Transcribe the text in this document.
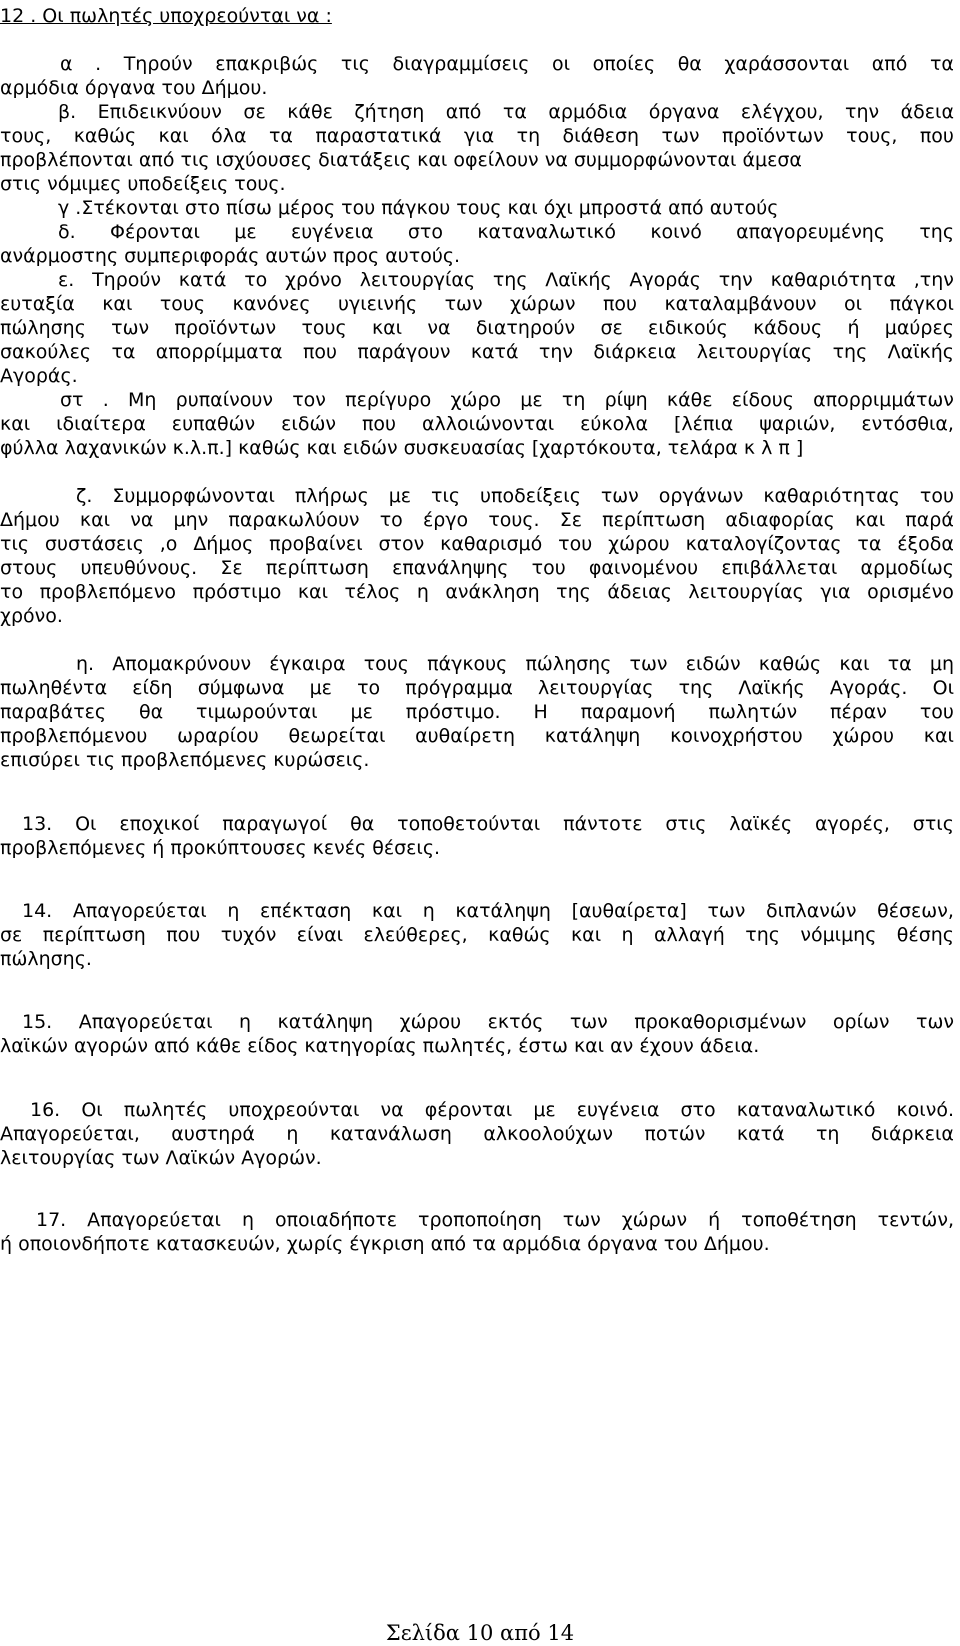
12 . Οι πωλητές υποχρεούνται να :
α . Τηρούν επακριβώς τις διαγραμμίσεις οι οποίες θα χαράσσονται από τα
αρμόδια όργανα του Δήμου.
β. Επιδεικνύουν σε κάθε ζήτηση από τα αρμόδια όργανα ελέγχου, την άδεια
τους, καθώς και όλα τα παραστατικά για τη διάθεση των προϊόντων τους, που
προβλέπονται από τις ισχύουσες διατάξεις και οφείλουν να συμμορφώνονται άμεσα
στις νόμιμες υποδείξεις τους.
γ .Στέκονται στο πίσω μέρος του πάγκου τους και όχι μπροστά από αυτούς
δ. Φέρονται με ευγένεια στο καταναλωτικό κοινό απαγορευμένης της
ανάρμοστης συμπεριφοράς αυτών προς αυτούς.
ε. Τηρούν κατά το χρόνο λειτουργίας της Λαϊκής Αγοράς την καθαριότητα ,την
ευταξία και τους κανόνες υγιεινής των χώρων που καταλαμβάνουν οι πάγκοι
πώλησης των προϊόντων τους και να διατηρούν σε ειδικούς κάδους ή μαύρες
σακούλες τα απορρίμματα που παράγουν κατά την διάρκεια λειτουργίας της Λαϊκής
Αγοράς.
στ . Μη ρυπαίνουν τον περίγυρο χώρο με τη ρίψη κάθε είδους απορριμμάτων
και ιδιαίτερα ευπαθών ειδών που αλλοιώνονται εύκολα [λέπια ψαριών, εντόσθια,
φύλλα λαχανικών κ.λ.π.] καθώς και ειδών συσκευασίας [χαρτόκουτα, τελάρα κ λ π ]
ζ. Συμμορφώνονται πλήρως με τις υποδείξεις των οργάνων καθαριότητας του
Δήμου και να μην παρακωλύουν το έργο τους. Σε περίπτωση αδιαφορίας και παρά
τις συστάσεις ,ο Δήμος προβαίνει στον καθαρισμό του χώρου καταλογίζοντας τα έξοδα
στους υπευθύνους. Σε περίπτωση επανάληψης του φαινομένου επιβάλλεται αρμοδίως
το προβλεπόμενο πρόστιμο και τέλος η ανάκληση της άδειας λειτουργίας για ορισμένο
χρόνο.
η. Απομακρύνουν έγκαιρα τους πάγκους πώλησης των ειδών καθώς και τα μη
πωληθέντα είδη σύμφωνα με το πρόγραμμα λειτουργίας της Λαϊκής Αγοράς. Οι
παραβάτες θα τιμωρούνται με πρόστιμο. Η παραμονή πωλητών πέραν του
προβλεπόμενου ωραρίου θεωρείται αυθαίρετη κατάληψη κοινοχρήστου χώρου και
επισύρει τις προβλεπόμενες κυρώσεις.
13. Οι εποχικοί παραγωγοί θα τοποθετούνται πάντοτε στις λαϊκές αγορές, στις
προβλεπόμενες ή προκύπτουσες κενές θέσεις.
14. Απαγορεύεται η επέκταση και η κατάληψη [αυθαίρετα] των διπλανών θέσεων,
σε περίπτωση που τυχόν είναι ελεύθερες, καθώς και η αλλαγή της νόμιμης θέσης
πώλησης.
15. Απαγορεύεται η κατάληψη χώρου εκτός των προκαθορισμένων ορίων των
λαϊκών αγορών από κάθε είδος κατηγορίας πωλητές, έστω και αν έχουν άδεια.
16. Οι πωλητές υποχρεούνται να φέρονται με ευγένεια στο καταναλωτικό κοινό.
Απαγορεύεται, αυστηρά η κατανάλωση αλκοολούχων ποτών κατά τη διάρκεια
λειτουργίας των Λαϊκών Αγορών.
17. Απαγορεύεται η οποιαδήποτε τροποποίηση των χώρων ή τοποθέτηση τεντών,
ή οποιονδήποτε κατασκευών, χωρίς έγκριση από τα αρμόδια όργανα του Δήμου.
Σελίδα 10 από 14
